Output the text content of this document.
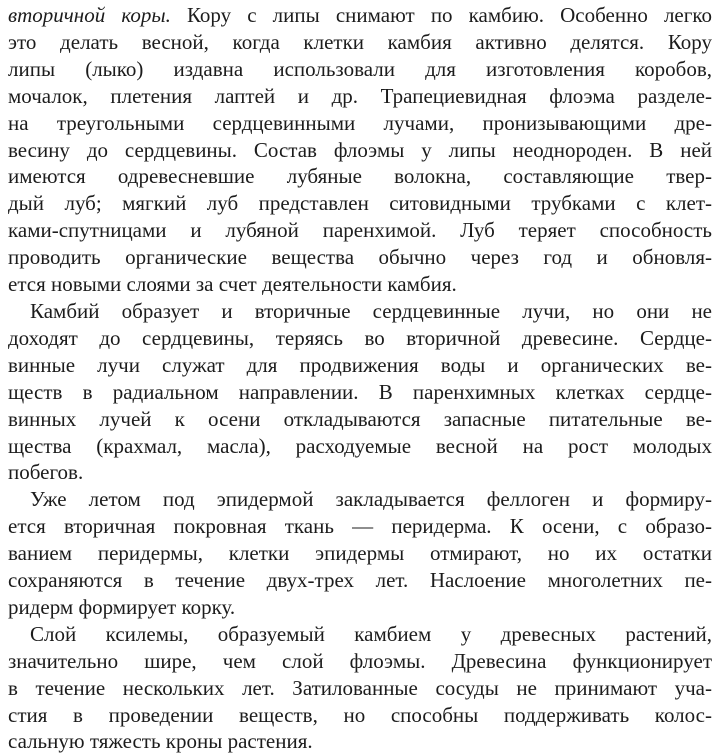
вторичной коры. Кору с липы снимают по камбию. Особенно легко
это делать весной, когда клетки камбия активно делятся. Кору
липы (лыко) издавна использовали для изготовления коробов,
мочалок, плетения лаптей и др. Трапециевидная флоэма разделе-
на треугольными сердцевинными лучами, пронизывающими дре-
весину до сердцевины. Состав флоэмы у липы неоднороден. В ней
имеются одревесневшие лубяные волокна, составляющие твер-
дый луб; мягкий луб представлен ситовидными трубками с клет-
ками-спутницами и лубяной паренхимой. Луб теряет способность
проводить органические вещества обычно через год и обновля-
ется новыми слоями за счет деятельности камбия.
Камбий образует и вторичные сердцевинные лучи, но они не
доходят до сердцевины, теряясь во вторичной древесине. Сердце-
винные лучи служат для продвижения воды и органических ве-
ществ в радиальном направлении. В паренхимных клетках сердце-
винных лучей к осени откладываются запасные питательные ве-
щества (крахмал, масла), расходуемые весной на рост молодых
побегов.
Уже летом под эпидермой закладывается феллоген и формиру-
ется вторичная покровная ткань — перидерма. К осени, с образо-
ванием перидермы, клетки эпидермы отмирают, но их остатки
сохраняются в течение двух-трех лет. Наслоение многолетних пе-
ридерм формирует корку.
Слой ксилемы, образуемый камбием у древесных растений,
значительно шире, чем слой флоэмы. Древесина функционирует
в течение нескольких лет. Затилованные сосуды не принимают уча-
стия в проведении веществ, но способны поддерживать колос-
сальную тяжесть кроны растения.
